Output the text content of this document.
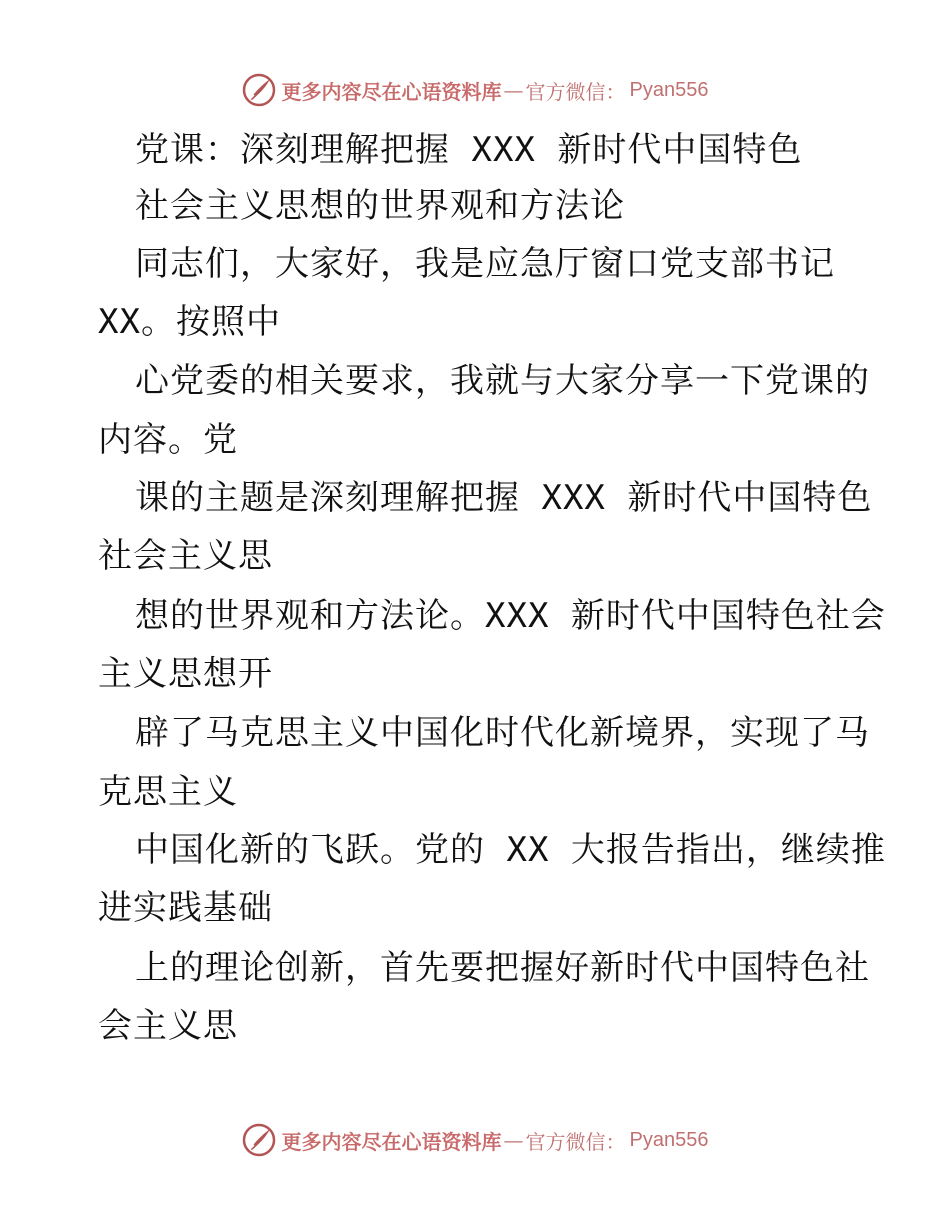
更多内容尽在心语资料库 — 官方微信： Pyan556
党课：深刻理解把握 XXX 新时代中国特色
社会主义思想的世界观和方法论
同志们，大家好，我是应急厅窗口党支部书记
XX。按照中
心党委的相关要求，我就与大家分享一下党课的
内容。党
课的主题是深刻理解把握 XXX 新时代中国特色
社会主义思
想的世界观和方法论。XXX 新时代中国特色社会
主义思想开
辟了马克思主义中国化时代化新境界，实现了马
克思主义
中国化新的飞跃。党的 XX 大报告指出，继续推
进实践基础
上的理论创新，首先要把握好新时代中国特色社
会主义思
更多内容尽在心语资料库 — 官方微信： Pyan556
